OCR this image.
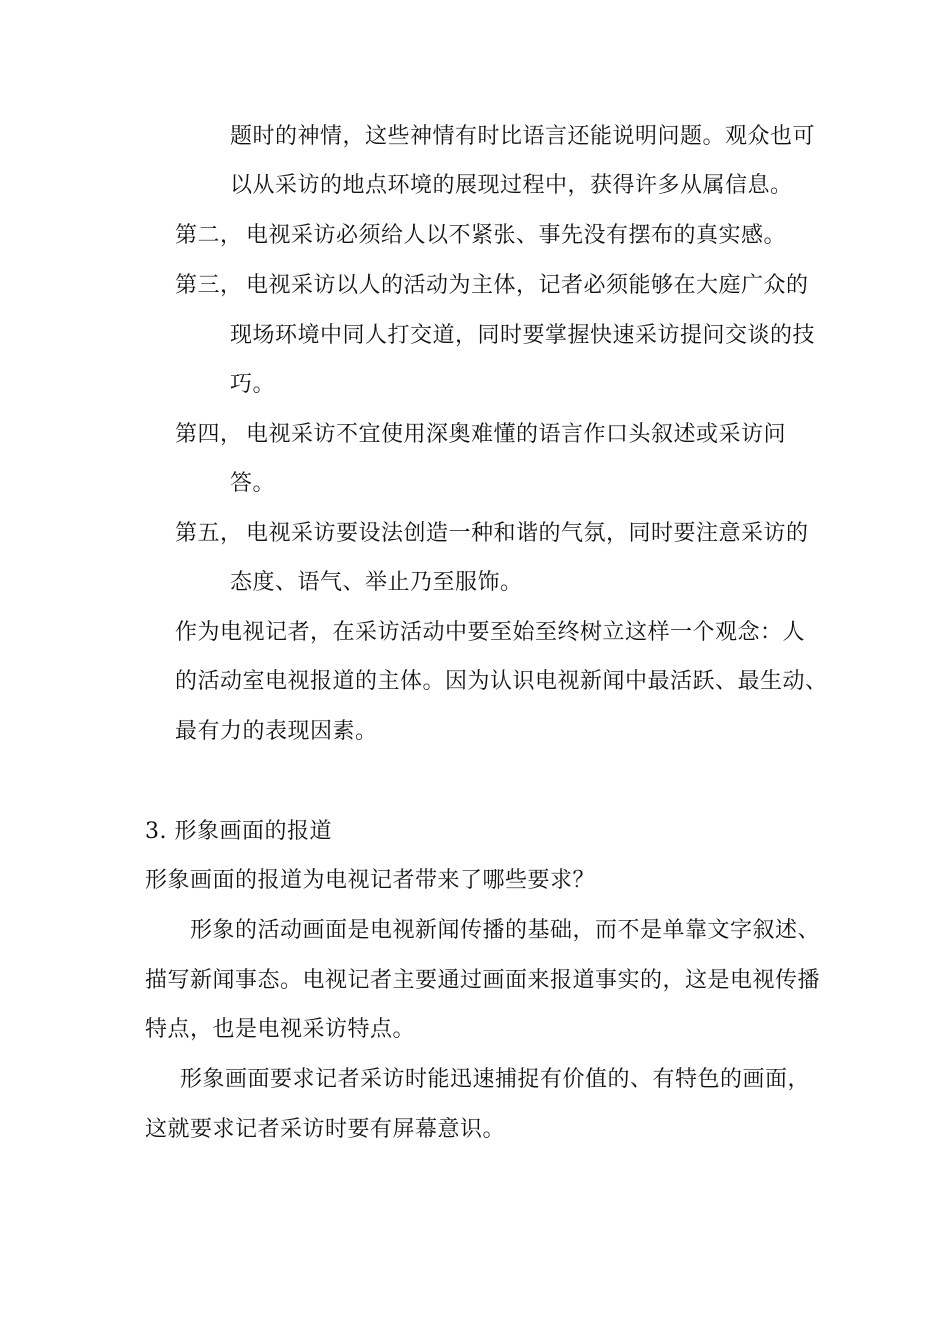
题时的神情，这些神情有时比语言还能说明问题。观众也可
以从采访的地点环境的展现过程中，获得许多从属信息。
第二， 电视采访必须给人以不紧张、事先没有摆布的真实感。
第三， 电视采访以人的活动为主体，记者必须能够在大庭广众的
现场环境中同人打交道，同时要掌握快速采访提问交谈的技
巧。
第四， 电视采访不宜使用深奥难懂的语言作口头叙述或采访问
答。
第五， 电视采访要设法创造一种和谐的气氛，同时要注意采访的
态度、语气、举止乃至服饰。
作为电视记者，在采访活动中要至始至终树立这样一个观念：人
的活动室电视报道的主体。因为认识电视新闻中最活跃、最生动、
最有力的表现因素。
3. 形象画面的报道
形象画面的报道为电视记者带来了哪些要求？
形象的活动画面是电视新闻传播的基础，而不是单靠文字叙述、
描写新闻事态。电视记者主要通过画面来报道事实的，这是电视传播
特点，也是电视采访特点。
形象画面要求记者采访时能迅速捕捉有价值的、有特色的画面，
这就要求记者采访时要有屏幕意识。
